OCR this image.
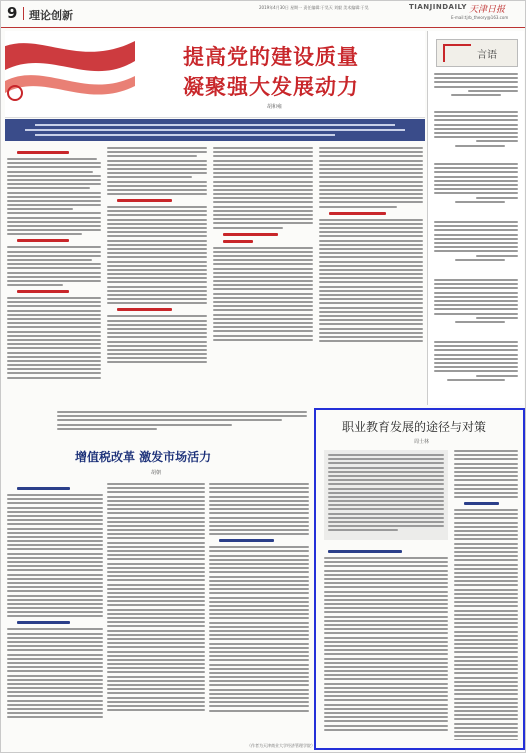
9 理论创新
2019年4月30日 星期一 责任编辑:于昊天 刘毅 美术编辑:于昊	TIANJINDAILY 天津日报
E-mail:tjrb_theory@163.com
提高党的建设质量
凝聚强大发展动力
胡和雍
言语
增值税改革 激发市场活力
胡朝
职业教育发展的途径与对策
周士林
（作者为天津商业大学经济管理学院）
